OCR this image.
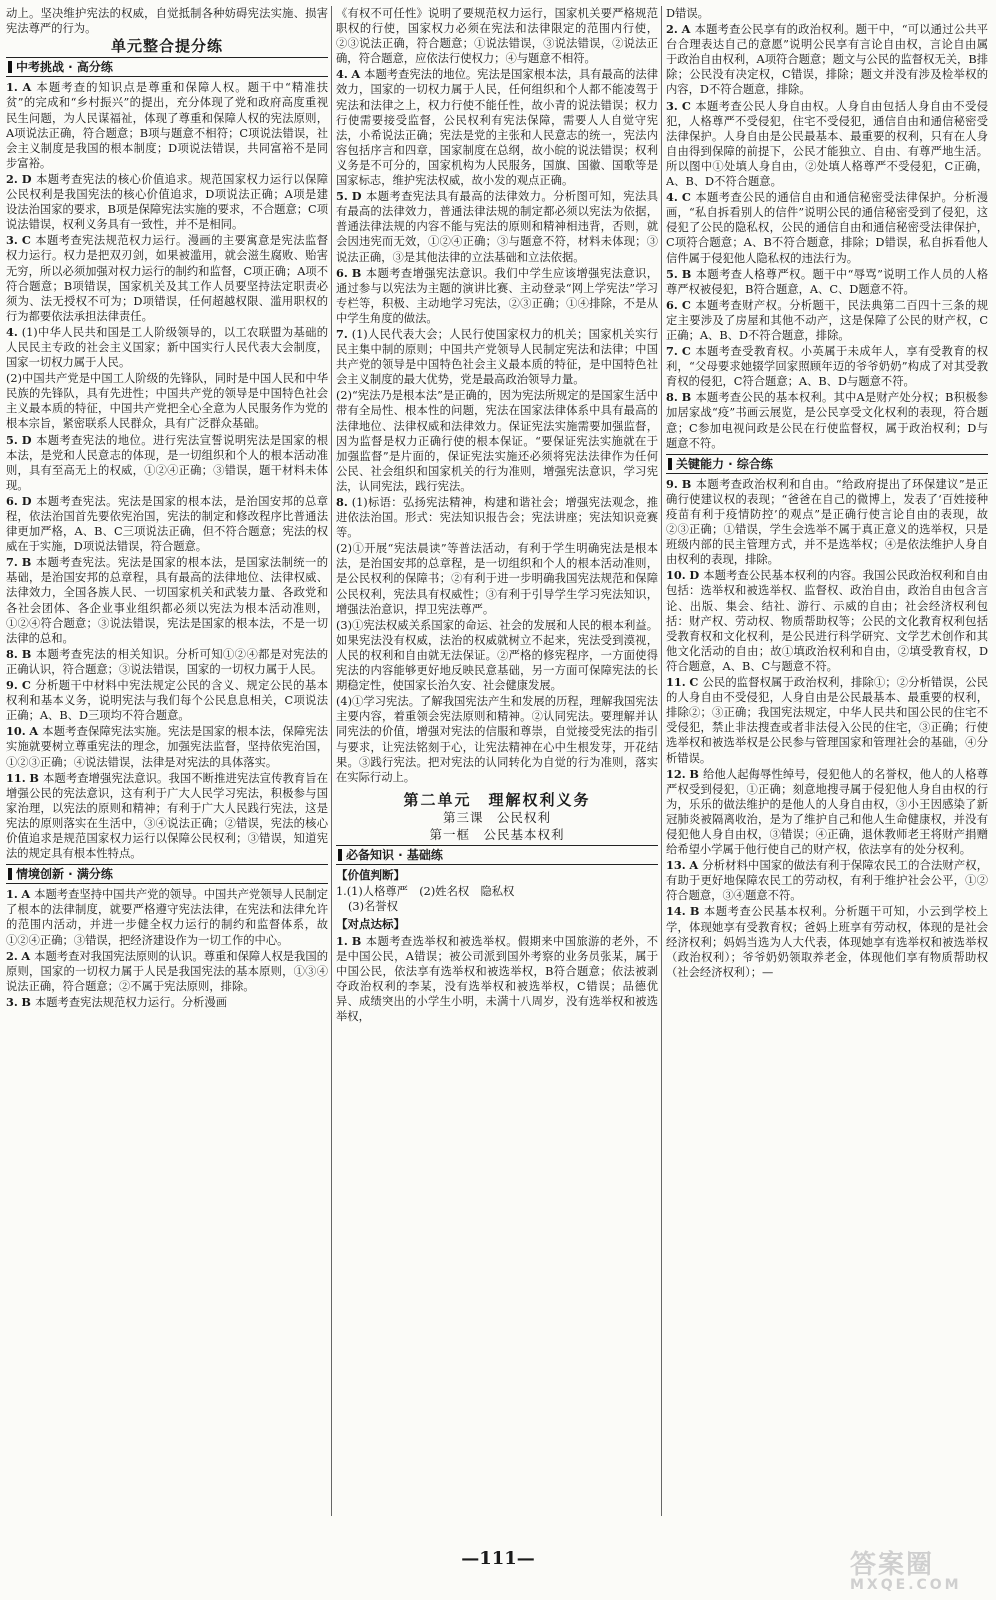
动上。坚决维护宪法的权威，自觉抵制各种妨碍宪法实施、损害宪法尊严的行为。

单元整合提分练
中考挑战 · 高分练

1. A 本题考查的知识点是尊重和保障人权。题干中“精准扶贫”的完成和“乡村振兴”的提出，充分体现了党和政府高度重视民生问题，为人民谋福祉，体现了尊重和保障人权的宪法原则，A项说法正确，符合题意；B项与题意不相符；C项说法错误，社会主义制度是我国的根本制度；D项说法错误，共同富裕不是同步富裕。

2. D 本题考查宪法的核心价值追求。规范国家权力运行以保障公民权利是我国宪法的核心价值追求，D项说法正确；A项是建设法治国家的要求，B项是保障宪法实施的要求，不合题意；C项说法错误，权利义务具有一致性，并不是相同。

3. C 本题考查宪法规范权力运行。漫画的主要寓意是宪法监督权力运行。权力是把双刃剑，如果被滥用，就会滋生腐败、贻害无穷，所以必须加强对权力运行的制约和监督，C项正确；A项不符合题意；B项错误，国家机关及其工作人员要坚持法定职责必须为、法无授权不可为；D项错误，任何超越权限、滥用职权的行为都要依法承担法律责任。

4. (1)中华人民共和国是工人阶级领导的，以工农联盟为基础的人民民主专政的社会主义国家；新中国实行人民代表大会制度，国家一切权力属于人民。

(2)中国共产党是中国工人阶级的先锋队，同时是中国人民和中华民族的先锋队，具有先进性；中国共产党的领导是中国特色社会主义最本质的特征，中国共产党把全心全意为人民服务作为党的根本宗旨，紧密联系人民群众，具有广泛群众基础。

5. D 本题考查宪法的地位。进行宪法宣誓说明宪法是国家的根本法，是党和人民意志的体现，是一切组织和个人的根本活动准则，具有至高无上的权威，①②④正确；③错误，题干材料未体现。

6. D 本题考查宪法。宪法是国家的根本法，是治国安邦的总章程，依法治国首先要依宪治国，宪法的制定和修改程序比普通法律更加严格，A、B、C三项说法正确，但不符合题意；宪法的权威在于实施，D项说法错误，符合题意。

7. B 本题考查宪法。宪法是国家的根本法，是国家法制统一的基础，是治国安邦的总章程，具有最高的法律地位、法律权威、法律效力，全国各族人民、一切国家机关和武装力量、各政党和各社会团体、各企业事业组织都必须以宪法为根本活动准则，①②④符合题意；③说法错误，宪法是国家的根本法，不是一切法律的总和。

8. B 本题考查宪法的相关知识。分析可知①②④都是对宪法的正确认识，符合题意；③说法错误，国家的一切权力属于人民。

9. C 分析题干中材料中宪法规定公民的含义、规定公民的基本权利和基本义务，说明宪法与我们每个公民息息相关，C项说法正确；A、B、D三项均不符合题意。

10. A 本题考查保障宪法实施。宪法是国家的根本法，保障宪法实施就要树立尊重宪法的理念，加强宪法监督，坚持依宪治国，①②③正确；④说法错误，法律是对宪法的具体落实。

11. B 本题考查增强宪法意识。我国不断推进宪法宣传教育旨在增强公民的宪法意识，这有利于广大人民学习宪法，积极参与国家治理，以宪法的原则和精神；有利于广大人民践行宪法，这是宪法的原则落实在生活中，③④说法正确；②错误，宪法的核心价值追求是规范国家权力运行以保障公民权利；③错误，知道宪法的规定具有根本性特点。

情境创新 · 满分练

1. A 本题考查坚持中国共产党的领导。中国共产党领导人民制定了根本的法律制度，就要严格遵守宪法法律，在宪法和法律允许的范围内活动，并进一步健全权力运行的制约和监督体系，故①②④正确；③错误，把经济建设作为一切工作的中心。

2. A 本题考查对我国宪法原则的认识。尊重和保障人权是我国的原则，国家的一切权力属于人民是我国宪法的基本原则，①③④说法正确，符合题意；②不属于宪法原则，排除。

3. B 本题考查宪法规范权力运行。分析漫画

《有权不可任性》说明了要规范权力运行，国家机关要严格规范职权的行使，国家权力必须在宪法和法律限定的范围内行使，②③说法正确，符合题意；①说法错误，③说法错误，②说法正确，符合题意，应依法行使权力；④与题意不相符。

4. A 本题考查宪法的地位。宪法是国家根本法，具有最高的法律效力，国家的一切权力属于人民，任何组织和个人都不能凌驾于宪法和法律之上，权力行使不能任性，故小青的说法错误；权力行使需要接受监督，公民权利有宪法保障，需要人人自觉守宪法，小希说法正确；宪法是党的主张和人民意志的统一，宪法内容包括序言和四章，国家制度在总纲，故小皖的说法错误；权利义务是不可分的，国家机构为人民服务，国旗、国徽、国歌等是国家标志，维护宪法权威，故小发的观点正确。

5. D 本题考查宪法具有最高的法律效力。分析图可知，宪法具有最高的法律效力，普通法律法规的制定都必须以宪法为依据，普通法律法规的内容不能与宪法的原则和精神相违背，否则，就会因违宪而无效，①②④正确；③与题意不符，材料未体现；③说法正确，③是其他法律的立法基础和立法依据。

6. B 本题考查增强宪法意识。我们中学生应该增强宪法意识，通过参与以宪法为主题的演讲比赛、主动登录“网上学宪法”学习专栏等，积极、主动地学习宪法，②③正确；①④排除，不是从中学生角度的做法。

7. (1)人民代表大会；人民行使国家权力的机关；国家机关实行民主集中制的原则；中国共产党领导人民制定宪法和法律；中国共产党的领导是中国特色社会主义最本质的特征，是中国特色社会主义制度的最大优势，党是最高政治领导力量。

(2)“宪法乃是根本法”是正确的，因为宪法所规定的是国家生活中带有全局性、根本性的问题，宪法在国家法律体系中具有最高的法律地位、法律权威和法律效力。保证宪法实施需要加强监督，因为监督是权力正确行使的根本保证。“要保证宪法实施就在于加强监督”是片面的，保证宪法实施还必须将宪法法律作为任何公民、社会组织和国家机关的行为准则，增强宪法意识，学习宪法，认同宪法，践行宪法。

8. (1)标语：弘扬宪法精神，构建和谐社会；增强宪法观念，推进依法治国。形式：宪法知识报告会；宪法讲座；宪法知识竞赛等。

(2)①开展“宪法晨读”等普法活动，有利于学生明确宪法是根本法，是治国安邦的总章程，是一切组织和个人的根本活动准则，是公民权利的保障书；②有利于进一步明确我国宪法规范和保障公民权利，宪法具有权威性；③有利于引导学生学习宪法知识，增强法治意识，捍卫宪法尊严。

(3)①宪法权威关系国家的命运、社会的发展和人民的根本利益。如果宪法没有权威，法治的权威就树立不起来，宪法受到漠视，人民的权利和自由就无法保证。②严格的修宪程序，一方面使得宪法的内容能够更好地反映民意基础，另一方面可保障宪法的长期稳定性，使国家长治久安、社会健康发展。

(4)①学习宪法。了解我国宪法产生和发展的历程，理解我国宪法主要内容，着重领会宪法原则和精神。②认同宪法。要理解并认同宪法的价值，增强对宪法的信服和尊崇，自觉接受宪法的指引与要求，让宪法铭刻于心，让宪法精神在心中生根发芽，开花结果。③践行宪法。把对宪法的认同转化为自觉的行为准则，落实在实际行动上。

第二单元　理解权利义务
第三课　公民权利
第一框　公民基本权利
必备知识 · 基础练
【价值判断】

1.(1)人格尊严　(2)姓名权　隐私权

(3)名誉权

【对点达标】

1. B 本题考查选举权和被选举权。假期来中国旅游的老外，不是中国公民，A错误；被公司派到国外考察的业务员张某，属于中国公民，依法享有选举权和被选举权，B符合题意；依法被剥夺政治权利的李某，没有选举权和被选举权，C错误；品德优异、成绩突出的小学生小明，未满十八周岁，没有选举权和被选举权，

D错误。

2. A 本题考查公民享有的政治权利。题干中，“可以通过公共平台合理表达自己的意愿”说明公民享有言论自由权，言论自由属于政治自由权利，A项符合题意；题文与公民的监督权无关，B排除；公民没有决定权，C错误，排除；题文并没有涉及检举权的内容，D不符合题意，排除。

3. C 本题考查公民人身自由权。人身自由包括人身自由不受侵犯，人格尊严不受侵犯，住宅不受侵犯，通信自由和通信秘密受法律保护。人身自由是公民最基本、最重要的权利，只有在人身自由得到保障的前提下，公民才能独立、自由、有尊严地生活。所以图中①处填人身自由，②处填人格尊严不受侵犯，C正确，A、B、D不符合题意。

4. C 本题考查公民的通信自由和通信秘密受法律保护。分析漫画，“私自拆看别人的信件”说明公民的通信秘密受到了侵犯，这侵犯了公民的隐私权，公民的通信自由和通信秘密受法律保护，C项符合题意；A、B不符合题意，排除；D错误，私自拆看他人信件属于侵犯他人隐私权的违法行为。

5. B 本题考查人格尊严权。题干中“辱骂”说明工作人员的人格尊严权被侵犯，B符合题意，A、C、D题意不符。

6. C 本题考查财产权。分析题干，民法典第二百四十三条的规定主要涉及了房屋和其他不动产，这是保障了公民的财产权，C正确；A、B、D不符合题意，排除。

7. C 本题考查受教育权。小英属于未成年人，享有受教育的权利，“父母要求她辍学回家照顾年迈的爷爷奶奶”构成了对其受教育权的侵犯，C符合题意；A、B、D与题意不符。

8. B 本题考查公民的基本权利。其中A是财产处分权；B积极参加居家战“疫”书画云展览，是公民享受文化权利的表现，符合题意；C参加电视问政是公民在行使监督权，属于政治权利；D与题意不符。

关键能力 · 综合练

9. B 本题考查政治权利和自由。“给政府提出了环保建议”是正确行使建议权的表现；“爸爸在自己的微博上，发表了‘百姓接种疫苗有利于疫情防控’的观点”是正确行使言论自由的表现，故②③正确；①错误，学生会选举不属于真正意义的选举权，只是班级内部的民主管理方式，并不是选举权；④是依法维护人身自由权利的表现，排除。

10. D 本题考查公民基本权利的内容。我国公民政治权利和自由包括：选举权和被选举权、监督权、政治自由，政治自由包含言论、出版、集会、结社、游行、示威的自由；社会经济权利包括：财产权、劳动权、物质帮助权等；公民的文化教育权利包括受教育权和文化权利，是公民进行科学研究、文学艺术创作和其他文化活动的自由；故①填政治权利和自由，②填受教育权，D符合题意，A、B、C与题意不符。

11. C 公民的监督权属于政治权利，排除①；②分析错误，公民的人身自由不受侵犯，人身自由是公民最基本、最重要的权利，排除②；③正确；我国宪法规定，中华人民共和国公民的住宅不受侵犯，禁止非法搜查或者非法侵入公民的住宅，③正确；行使选举权和被选举权是公民参与管理国家和管理社会的基础，④分析错误。

12. B 给他人起侮辱性绰号，侵犯他人的名誉权，他人的人格尊严权受到侵犯，①正确；刻意地搜寻属于侵犯他人身自由权的行为，乐乐的做法维护的是他人的人身自由权，③小王因感染了新冠肺炎被隔离收治，是为了维护自己和他人生命健康权，并没有侵犯他人身自由权，③错误；④正确，退休教师老王将财产捐赠给希望小学属于他行使自己的财产权，依法享有的处分权利。

13. A 分析材料中国家的做法有利于保障农民工的合法财产权，有助于更好地保障农民工的劳动权，有利于维护社会公平，①②符合题意，③④题意不符。

14. B 本题考查公民基本权利。分析题干可知，小云到学校上学，体现她享有受教育权；爸妈上班享有劳动权，体现的是社会经济权利；妈妈当选为人大代表，体现她享有选举权和被选举权（政治权利）；爷爷奶奶领取养老金，体现他们享有物质帮助权（社会经济权利）；—

—111—	答案圈
MXQE.COM
